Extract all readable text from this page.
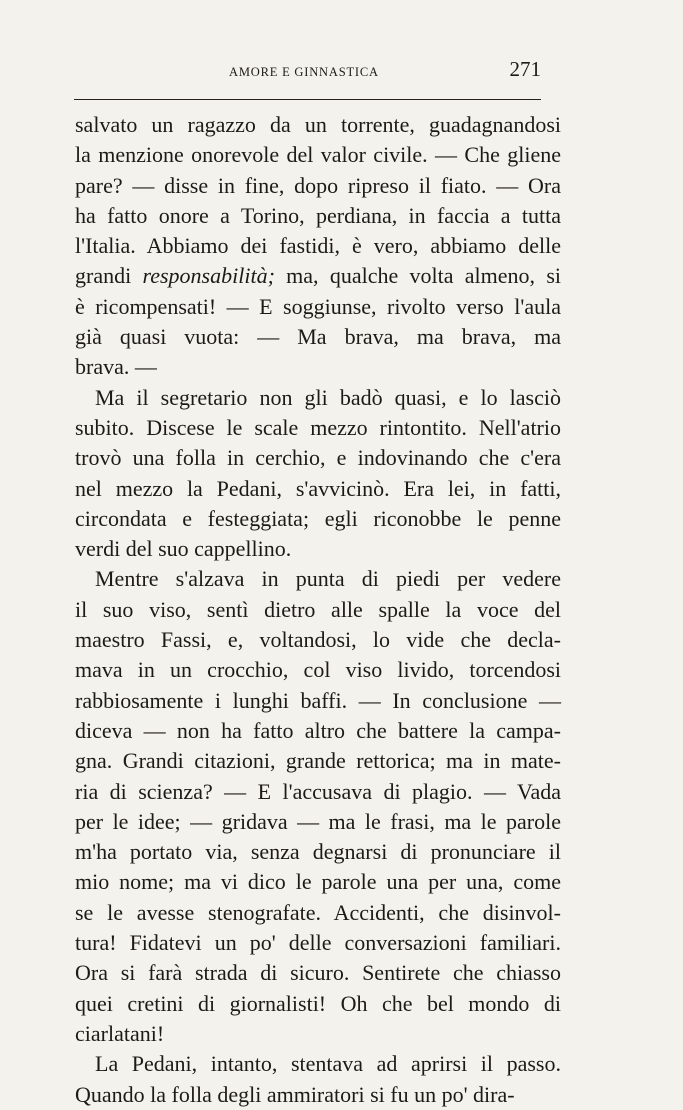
AMORE E GINNASTICA	271
salvato un ragazzo da un torrente, guadagnandosi
la menzione onorevole del valor civile. — Che gliene
pare? — disse in fine, dopo ripreso il fiato. — Ora
ha fatto onore a Torino, perdiana, in faccia a tutta
l'Italia. Abbiamo dei fastidi, è vero, abbiamo delle
grandi responsabilità; ma, qualche volta almeno, si
è ricompensati! — E soggiunse, rivolto verso l'aula
già quasi vuota: — Ma brava, ma brava, ma
brava. —
Ma il segretario non gli badò quasi, e lo lasciò
subito. Discese le scale mezzo rintontito. Nell'atrio
trovò una folla in cerchio, e indovinando che c'era
nel mezzo la Pedani, s'avvicinò. Era lei, in fatti,
circondata e festeggiata; egli riconobbe le penne
verdi del suo cappellino.
Mentre s'alzava in punta di piedi per vedere
il suo viso, sentì dietro alle spalle la voce del
maestro Fassi, e, voltandosi, lo vide che decla-
mava in un crocchio, col viso livido, torcendosi
rabbiosamente i lunghi baffi. — In conclusione —
diceva — non ha fatto altro che battere la campa-
gna. Grandi citazioni, grande rettorica; ma in mate-
ria di scienza? — E l'accusava di plagio. — Vada
per le idee; — gridava — ma le frasi, ma le parole
m'ha portato via, senza degnarsi di pronunciare il
mio nome; ma vi dico le parole una per una, come
se le avesse stenografate. Accidenti, che disinvol-
tura! Fidatevi un po' delle conversazioni familiari.
Ora si farà strada di sicuro. Sentirete che chiasso
quei cretini di giornalisti! Oh che bel mondo di
ciarlatani!
La Pedani, intanto, stentava ad aprirsi il passo.
Quando la folla degli ammiratori si fu un po' dira-
